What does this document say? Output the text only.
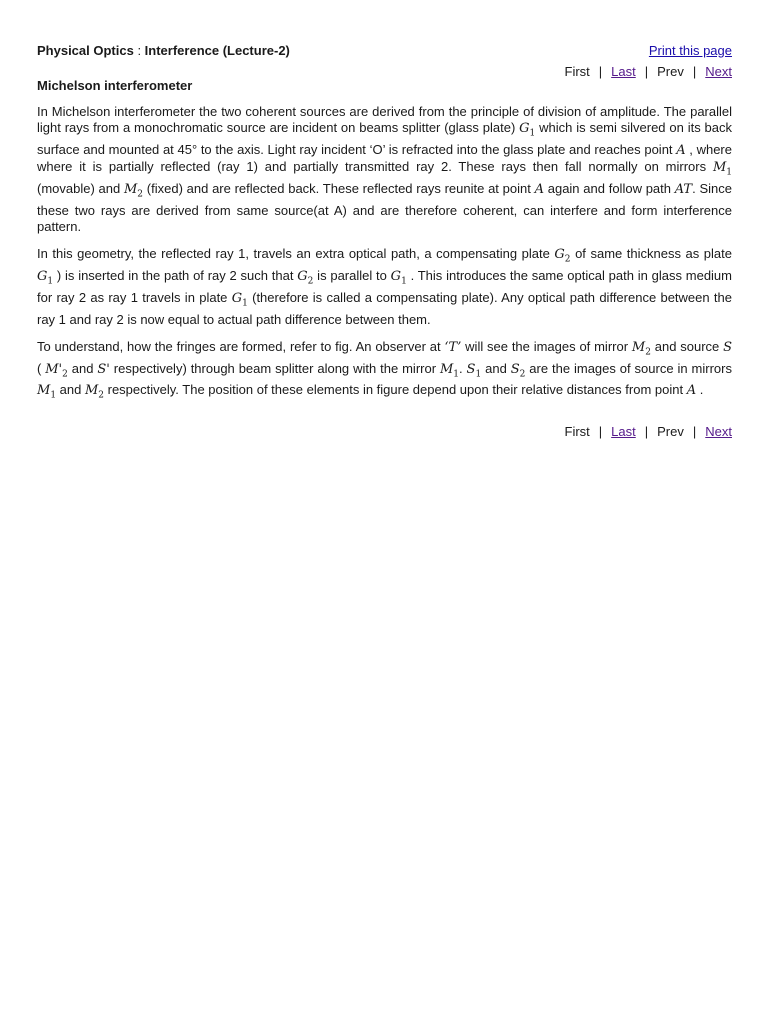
Physical Optics : Interference (Lecture-2)	Print this page
First | Last | Prev | Next
Michelson interferometer

In Michelson interferometer the two coherent sources are derived from the principle of division of amplitude. The parallel light rays from a monochromatic source are incident on beams splitter (glass plate) $G_1$ which is semi silvered on its back surface and mounted at 45° to the axis. Light ray incident ‘O’ is refracted into the glass plate and reaches point A , where where it is partially reflected (ray 1) and partially transmitted ray 2. These rays then fall normally on mirrors $M_1$ (movable) and $M_2$ (fixed) and are reflected back. These reflected rays reunite at point A again and follow path AT. Since these two rays are derived from same source(at A) and are therefore coherent, can interfere and form interference pattern.

In this geometry, the reflected ray 1, travels an extra optical path, a compensating plate $G_2$ of same thickness as plate $G_1$ ) is inserted in the path of ray 2 such that $G_2$ is parallel to $G_1$ . This introduces the same optical path in glass medium for ray 2 as ray 1 travels in plate $G_1$ (therefore is called a compensating plate). Any optical path difference between the ray 1 and ray 2 is now equal to actual path difference between them.

To understand, how the fringes are formed, refer to fig. An observer at ‘T’ will see the images of mirror $M_2$ and source S ( $M'_2$ and S' respectively) through beam splitter along with the mirror $M_1$. $S_1$ and $S_2$ are the images of source in mirrors $M_1$ and $M_2$ respectively. The position of these elements in figure depend upon their relative distances from point A .

First | Last | Prev | Next
